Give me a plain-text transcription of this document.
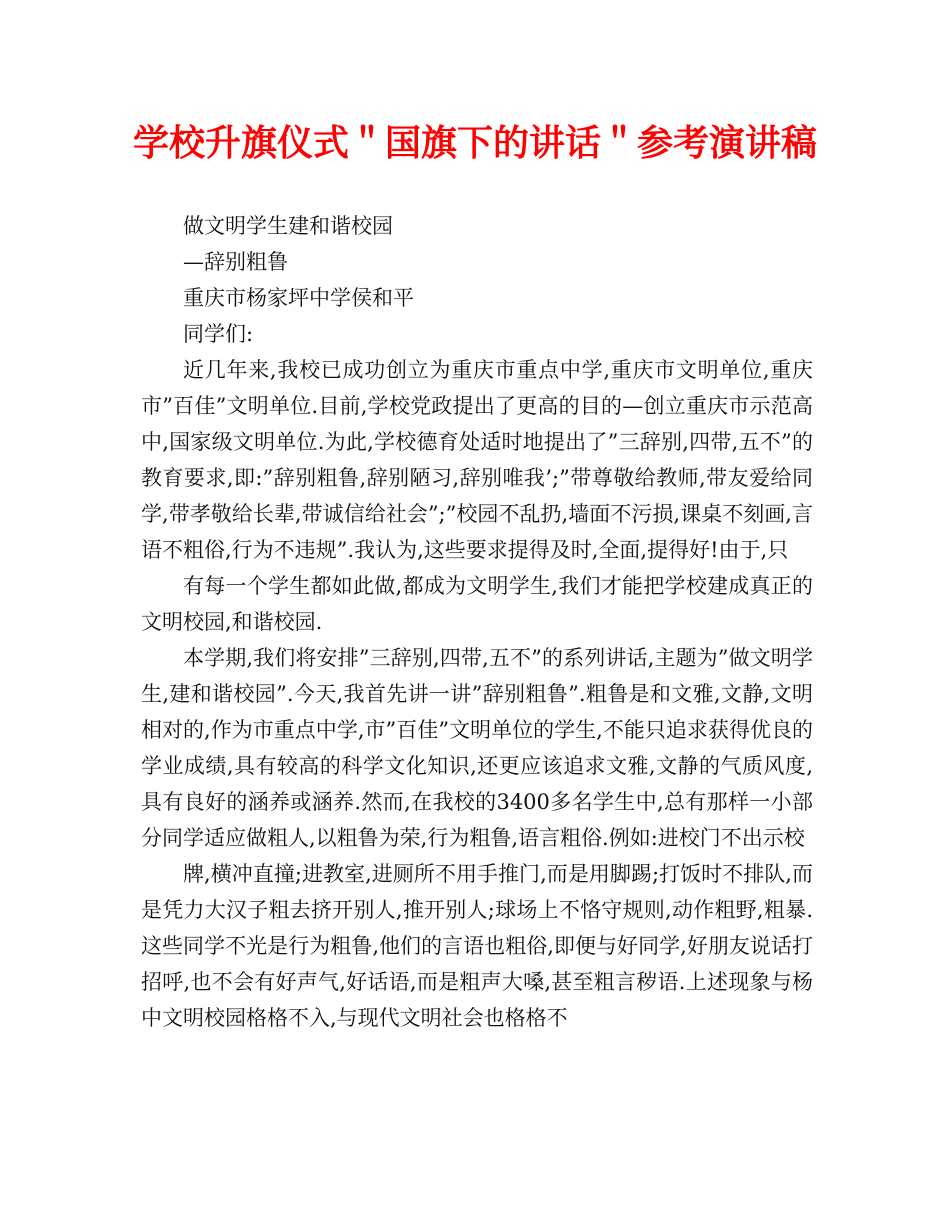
学校升旗仪式＂国旗下的讲话＂参考演讲稿

做文明学生建和谐校园

—辞别粗鲁

重庆市杨家坪中学侯和平

同学们:

近几年来,我校已成功创立为重庆市重点中学,重庆市文明单位,重庆市”百佳”文明单位.目前,学校党政提出了更高的目的—创立重庆市示范高中,国家级文明单位.为此,学校德育处适时地提出了”三辞别,四带,五不”的教育要求,即:”辞别粗鲁,辞别陋习,辞别唯我’;”带尊敬给教师,带友爱给同学,带孝敬给长辈,带诚信给社会”;”校园不乱扔,墙面不污损,课桌不刻画,言语不粗俗,行为不违规”.我认为,这些要求提得及时,全面,提得好!由于,只

有每一个学生都如此做,都成为文明学生,我们才能把学校建成真正的文明校园,和谐校园.

本学期,我们将安排”三辞别,四带,五不”的系列讲话,主题为”做文明学生,建和谐校园”.今天,我首先讲一讲”辞别粗鲁”.粗鲁是和文雅,文静,文明相对的,作为市重点中学,市”百佳”文明单位的学生,不能只追求获得优良的学业成绩,具有较高的科学文化知识,还更应该追求文雅,文静的气质风度,具有良好的涵养或涵养.然而,在我校的3400多名学生中,总有那样一小部分同学适应做粗人,以粗鲁为荣,行为粗鲁,语言粗俗.例如:进校门不出示校

牌,横冲直撞;进教室,进厕所不用手推门,而是用脚踢;打饭时不排队,而是凭力大汉子粗去挤开别人,推开别人;球场上不恪守规则,动作粗野,粗暴.这些同学不光是行为粗鲁,他们的言语也粗俗,即便与好同学,好朋友说话打招呼,也不会有好声气,好话语,而是粗声大嗓,甚至粗言秽语.上述现象与杨中文明校园格格不入,与现代文明社会也格格不
